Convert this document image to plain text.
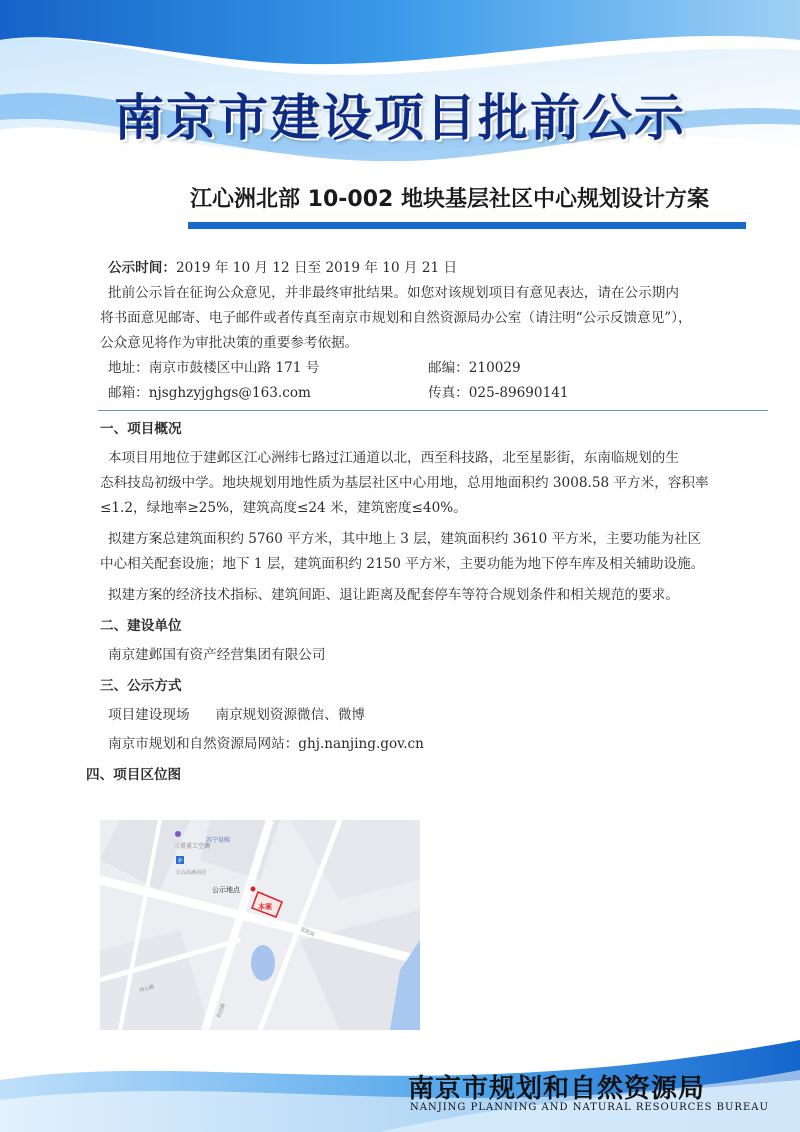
南京市建设项目批前公示
江心洲北部 10-002 地块基层社区中心规划设计方案

公示时间：2019 年 10 月 12 日至 2019 年 10 月 21 日

批前公示旨在征询公众意见，并非最终审批结果。如您对该规划项目有意见表达，请在公示期内

将书面意见邮寄、电子邮件或者传真至南京市规划和自然资源局办公室（请注明“公示反馈意见”），

公众意见将作为审批决策的重要参考依据。

地址：南京市鼓楼区中山路 171 号	邮编：210029
邮箱：njsghzyjghgs@163.com	传真：025-89690141

一、项目概况

本项目用地位于建邺区江心洲纬七路过江通道以北，西至科技路，北至星影街，东南临规划的生

态科技岛初级中学。地块规划用地性质为基层社区中心用地，总用地面积约 3008.58 平方米，容积率

≤1.2，绿地率≥25%，建筑高度≤24 米，建筑密度≤40%。

拟建方案总建筑面积约 5760 平方米，其中地上 3 层，建筑面积约 3610 平方米，主要功能为社区

中心相关配套设施；地下 1 层，建筑面积约 2150 平方米，主要功能为地下停车库及相关辅助设施。

拟建方案的经济技术指标、建筑间距、退让距离及配套停车等符合规划条件和相关规范的要求。

二、建设单位

南京建邺国有资产经营集团有限公司

三、公示方式

项目建设现场 南京规划资源微信、微博

南京市规划和自然资源局网站：ghj.nanjing.gov.cn

四、项目区位图

三重重工空调
苏宁易购
P
长岛海滩浴园
星影街
纬七路
科技路
公示地点
本案
南京市规划和自然资源局
NANJING PLANNING AND NATURAL RESOURCES BUREAU
